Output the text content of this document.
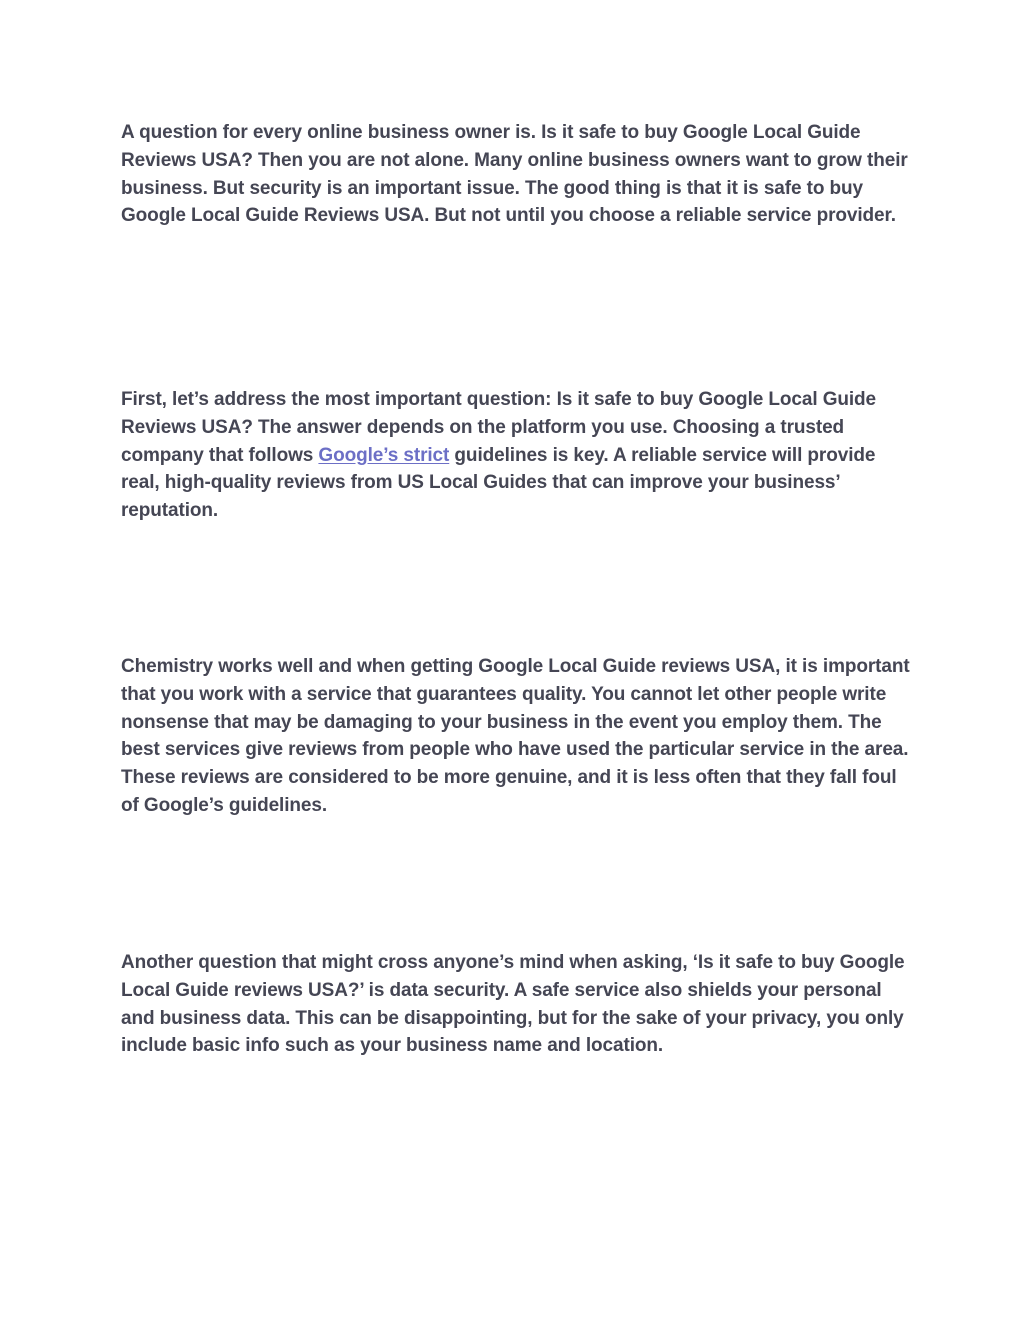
A question for every online business owner is. Is it safe to buy Google Local Guide Reviews USA? Then you are not alone. Many online business owners want to grow their business. But security is an important issue. The good thing is that it is safe to buy Google Local Guide Reviews USA. But not until you choose a reliable service provider.

First, let’s address the most important question: Is it safe to buy Google Local Guide Reviews USA? The answer depends on the platform you use. Choosing a trusted company that follows Google’s strict guidelines is key. A reliable service will provide real, high-quality reviews from US Local Guides that can improve your business’ reputation.

Chemistry works well and when getting Google Local Guide reviews USA, it is important that you work with a service that guarantees quality. You cannot let other people write nonsense that may be damaging to your business in the event you employ them. The best services give reviews from people who have used the particular service in the area. These reviews are considered to be more genuine, and it is less often that they fall foul of Google’s guidelines.

Another question that might cross anyone’s mind when asking, ‘Is it safe to buy Google Local Guide reviews USA?’ is data security. A safe service also shields your personal and business data. This can be disappointing, but for the sake of your privacy, you only include basic info such as your business name and location.
